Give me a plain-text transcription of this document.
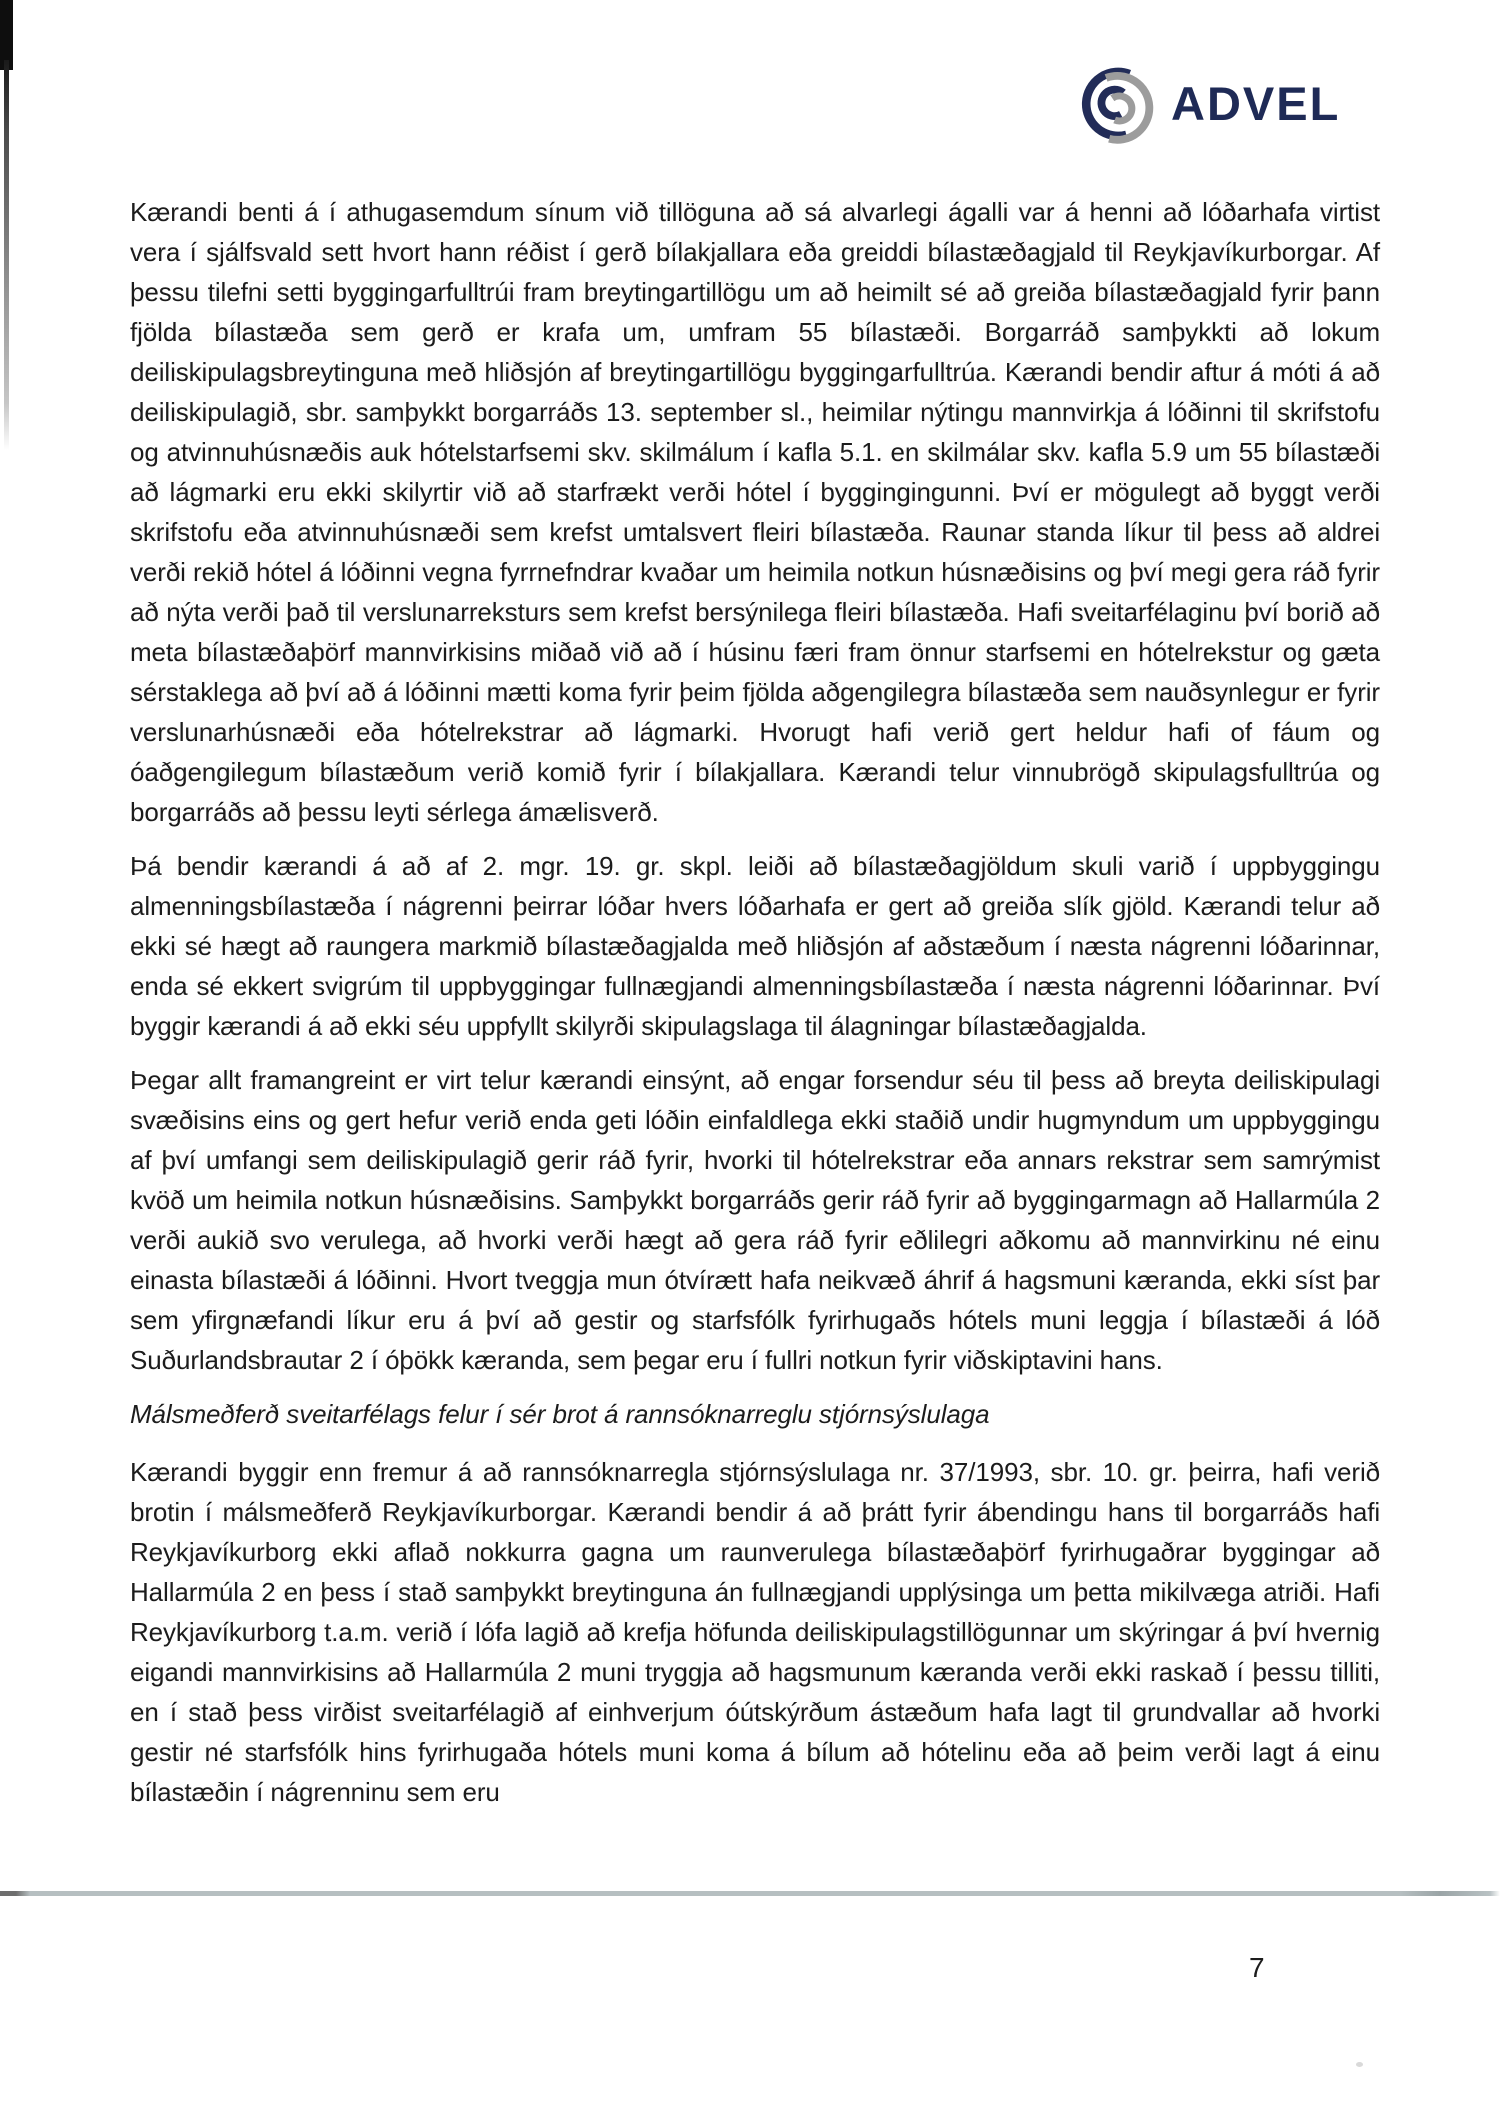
ADVEL

Kærandi benti á í athugasemdum sínum við tillöguna að sá alvarlegi ágalli var á henni að lóðarhafa virtist vera í sjálfsvald sett hvort hann réðist í gerð bílakjallara eða greiddi bílastæðagjald til Reykjavíkurborgar. Af þessu tilefni setti byggingarfulltrúi fram breytingartillögu um að heimilt sé að greiða bílastæðagjald fyrir þann fjölda bílastæða sem gerð er krafa um, umfram 55 bílastæði. Borgarráð samþykkti að lokum deiliskipulagsbreytinguna með hliðsjón af breytingartillögu byggingarfulltrúa. Kærandi bendir aftur á móti á að deiliskipulagið, sbr. samþykkt borgarráðs 13. september sl., heimilar nýtingu mannvirkja á lóðinni til skrifstofu og atvinnuhúsnæðis auk hótelstarfsemi skv. skilmálum í kafla 5.1. en skilmálar skv. kafla 5.9 um 55 bílastæði að lágmarki eru ekki skilyrtir við að starfrækt verði hótel í byggingingunni. Því er mögulegt að byggt verði skrifstofu eða atvinnuhúsnæði sem krefst umtalsvert fleiri bílastæða. Raunar standa líkur til þess að aldrei verði rekið hótel á lóðinni vegna fyrrnefndrar kvaðar um heimila notkun húsnæðisins og því megi gera ráð fyrir að nýta verði það til verslunarreksturs sem krefst bersýnilega fleiri bílastæða. Hafi sveitarfélaginu því borið að meta bílastæðaþörf mannvirkisins miðað við að í húsinu færi fram önnur starfsemi en hótelrekstur og gæta sérstaklega að því að á lóðinni mætti koma fyrir þeim fjölda aðgengilegra bílastæða sem nauðsynlegur er fyrir verslunarhúsnæði eða hótelrekstrar að lágmarki. Hvorugt hafi verið gert heldur hafi of fáum og óaðgengilegum bílastæðum verið komið fyrir í bílakjallara. Kærandi telur vinnubrögð skipulagsfulltrúa og borgarráðs að þessu leyti sérlega ámælisverð.

Þá bendir kærandi á að af 2. mgr. 19. gr. skpl. leiði að bílastæðagjöldum skuli varið í uppbyggingu almenningsbílastæða í nágrenni þeirrar lóðar hvers lóðarhafa er gert að greiða slík gjöld. Kærandi telur að ekki sé hægt að raungera markmið bílastæðagjalda með hliðsjón af aðstæðum í næsta nágrenni lóðarinnar, enda sé ekkert svigrúm til uppbyggingar fullnægjandi almenningsbílastæða í næsta nágrenni lóðarinnar. Því byggir kærandi á að ekki séu uppfyllt skilyrði skipulagslaga til álagningar bílastæðagjalda.

Þegar allt framangreint er virt telur kærandi einsýnt, að engar forsendur séu til þess að breyta deiliskipulagi svæðisins eins og gert hefur verið enda geti lóðin einfaldlega ekki staðið undir hugmyndum um uppbyggingu af því umfangi sem deiliskipulagið gerir ráð fyrir, hvorki til hótelrekstrar eða annars rekstrar sem samrýmist kvöð um heimila notkun húsnæðisins. Samþykkt borgarráðs gerir ráð fyrir að byggingarmagn að Hallarmúla 2 verði aukið svo verulega, að hvorki verði hægt að gera ráð fyrir eðlilegri aðkomu að mannvirkinu né einu einasta bílastæði á lóðinni. Hvort tveggja mun ótvírætt hafa neikvæð áhrif á hagsmuni kæranda, ekki síst þar sem yfirgnæfandi líkur eru á því að gestir og starfsfólk fyrirhugaðs hótels muni leggja í bílastæði á lóð Suðurlandsbrautar 2 í óþökk kæranda, sem þegar eru í fullri notkun fyrir viðskiptavini hans.

Málsmeðferð sveitarfélags felur í sér brot á rannsóknarreglu stjórnsýslulaga

Kærandi byggir enn fremur á að rannsóknarregla stjórnsýslulaga nr. 37/1993, sbr. 10. gr. þeirra, hafi verið brotin í málsmeðferð Reykjavíkurborgar. Kærandi bendir á að þrátt fyrir ábendingu hans til borgarráðs hafi Reykjavíkurborg ekki aflað nokkurra gagna um raunverulega bílastæðaþörf fyrirhugaðrar byggingar að Hallarmúla 2 en þess í stað samþykkt breytinguna án fullnægjandi upplýsinga um þetta mikilvæga atriði. Hafi Reykjavíkurborg t.a.m. verið í lófa lagið að krefja höfunda deiliskipulagstillögunnar um skýringar á því hvernig eigandi mannvirkisins að Hallarmúla 2 muni tryggja að hagsmunum kæranda verði ekki raskað í þessu tilliti, en í stað þess virðist sveitarfélagið af einhverjum óútskýrðum ástæðum hafa lagt til grundvallar að hvorki gestir né starfsfólk hins fyrirhugaða hótels muni koma á bílum að hótelinu eða að þeim verði lagt á einu bílastæðin í nágrenninu sem eru

7
